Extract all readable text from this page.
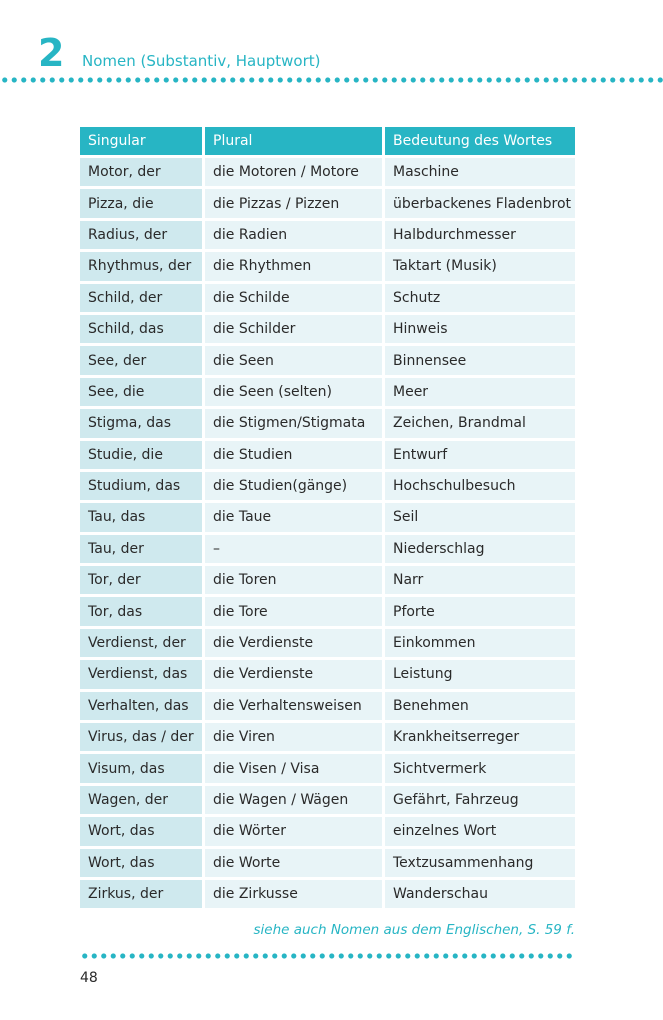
2 Nomen (Substantiv, Hauptwort)
Singular	Plural	Bedeutung des Wortes
Motor, der	die Motoren / Motore	Maschine
Pizza, die	die Pizzas / Pizzen	überbackenes Fladenbrot
Radius, der	die Radien	Halbdurchmesser
Rhythmus, der	die Rhythmen	Taktart (Musik)
Schild, der	die Schilde	Schutz
Schild, das	die Schilder	Hinweis
See, der	die Seen	Binnensee
See, die	die Seen (selten)	Meer
Stigma, das	die Stigmen/Stigmata	Zeichen, Brandmal
Studie, die	die Studien	Entwurf
Studium, das	die Studien(gänge)	Hochschulbesuch
Tau, das	die Taue	Seil
Tau, der	–	Niederschlag
Tor, der	die Toren	Narr
Tor, das	die Tore	Pforte
Verdienst, der	die Verdienste	Einkommen
Verdienst, das	die Verdienste	Leistung
Verhalten, das	die Verhaltensweisen	Benehmen
Virus, das / der	die Viren	Krankheitserreger
Visum, das	die Visen / Visa	Sichtvermerk
Wagen, der	die Wagen / Wägen	Gefährt, Fahrzeug
Wort, das	die Wörter	einzelnes Wort
Wort, das	die Worte	Textzusammenhang
Zirkus, der	die Zirkusse	Wanderschau
siehe auch Nomen aus dem Englischen, S. 59 f.
48
